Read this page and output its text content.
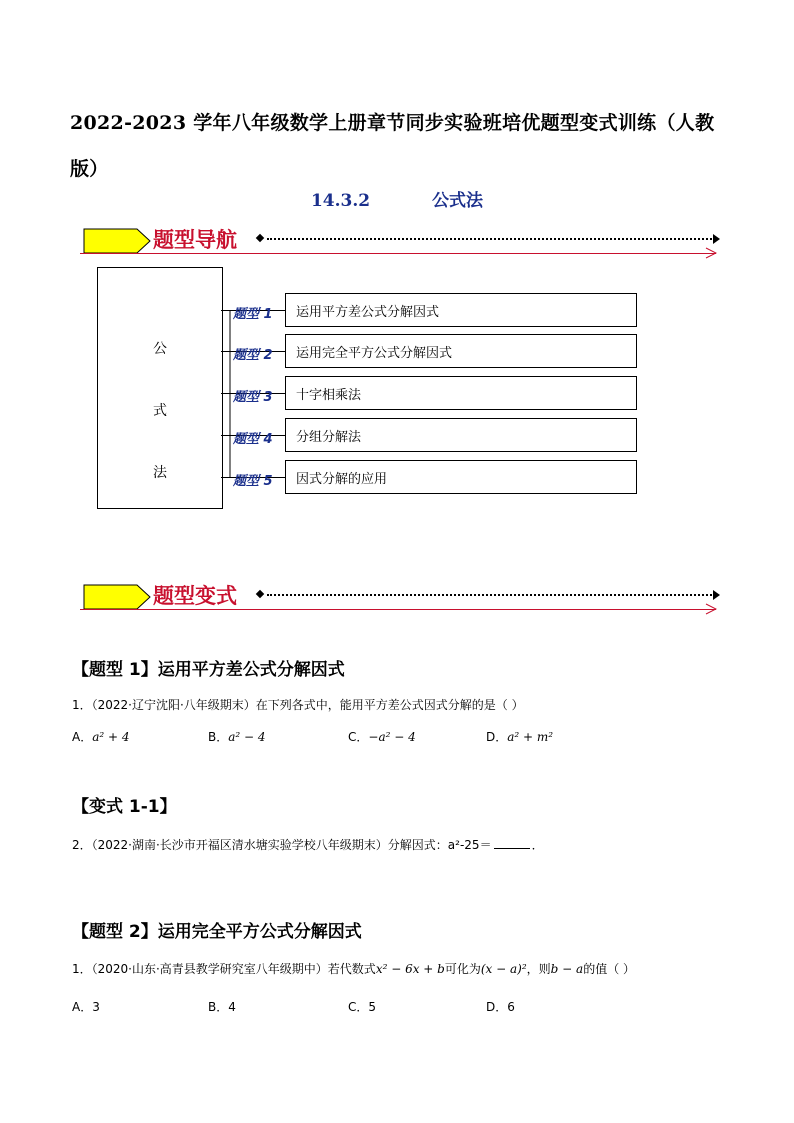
2022-2023 学年八年级数学上册章节同步实验班培优题型变式训练（人教版）
14.3.2	公式法
题型导航
公
式
法
题型 1 运用平方差公式分解因式
题型 2 运用完全平方公式分解因式
题型 3 十字相乘法
题型 4 分组分解法
题型 5 因式分解的应用
题型变式
【题型 1】运用平方差公式分解因式
1．（2022·辽宁沈阳·八年级期末）在下列各式中，能用平方差公式因式分解的是（ ）
A．a² + 4	B．a² − 4	C．−a² − 4	D．a² + m²
【变式 1-1】
2．（2022·湖南·长沙市开福区清水塘实验学校八年级期末）分解因式：a²-25＝	．
【题型 2】运用完全平方公式分解因式
1．（2020·山东·高青县教学研究室八年级期中）若代数式x² − 6x + b可化为(x − a)²，则b − a的值（ ）
A．3	B．4	C．5	D．6
